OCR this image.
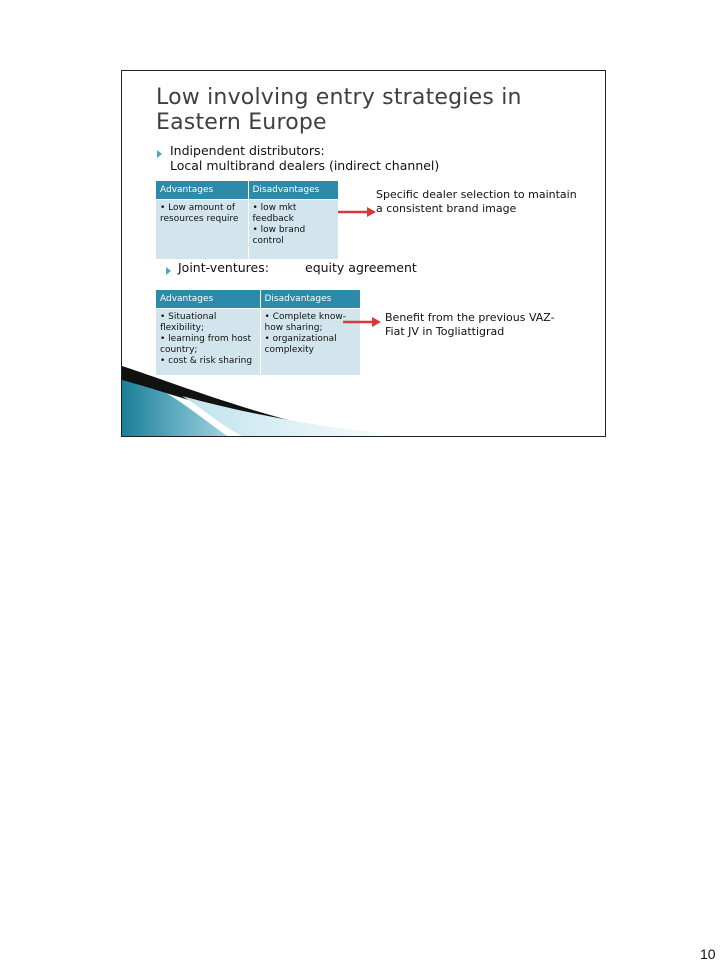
Low involving entry strategies in
Eastern Europe
Indipendent distributors:
Local multibrand dealers (indirect channel)
Advantages	Disadvantages

• Low amount of
resources require	• low mkt
feedback
• low brand
control
Specific dealer selection to maintain
a consistent brand image
Joint-ventures:	equity agreement
Advantages	Disadvantages

• Situational
flexibility;
• learning from host
country;
• cost & risk sharing	• Complete know-
how sharing;
• organizational
complexity
Benefit from the previous VAZ-
Fiat JV in Togliattigrad
10
